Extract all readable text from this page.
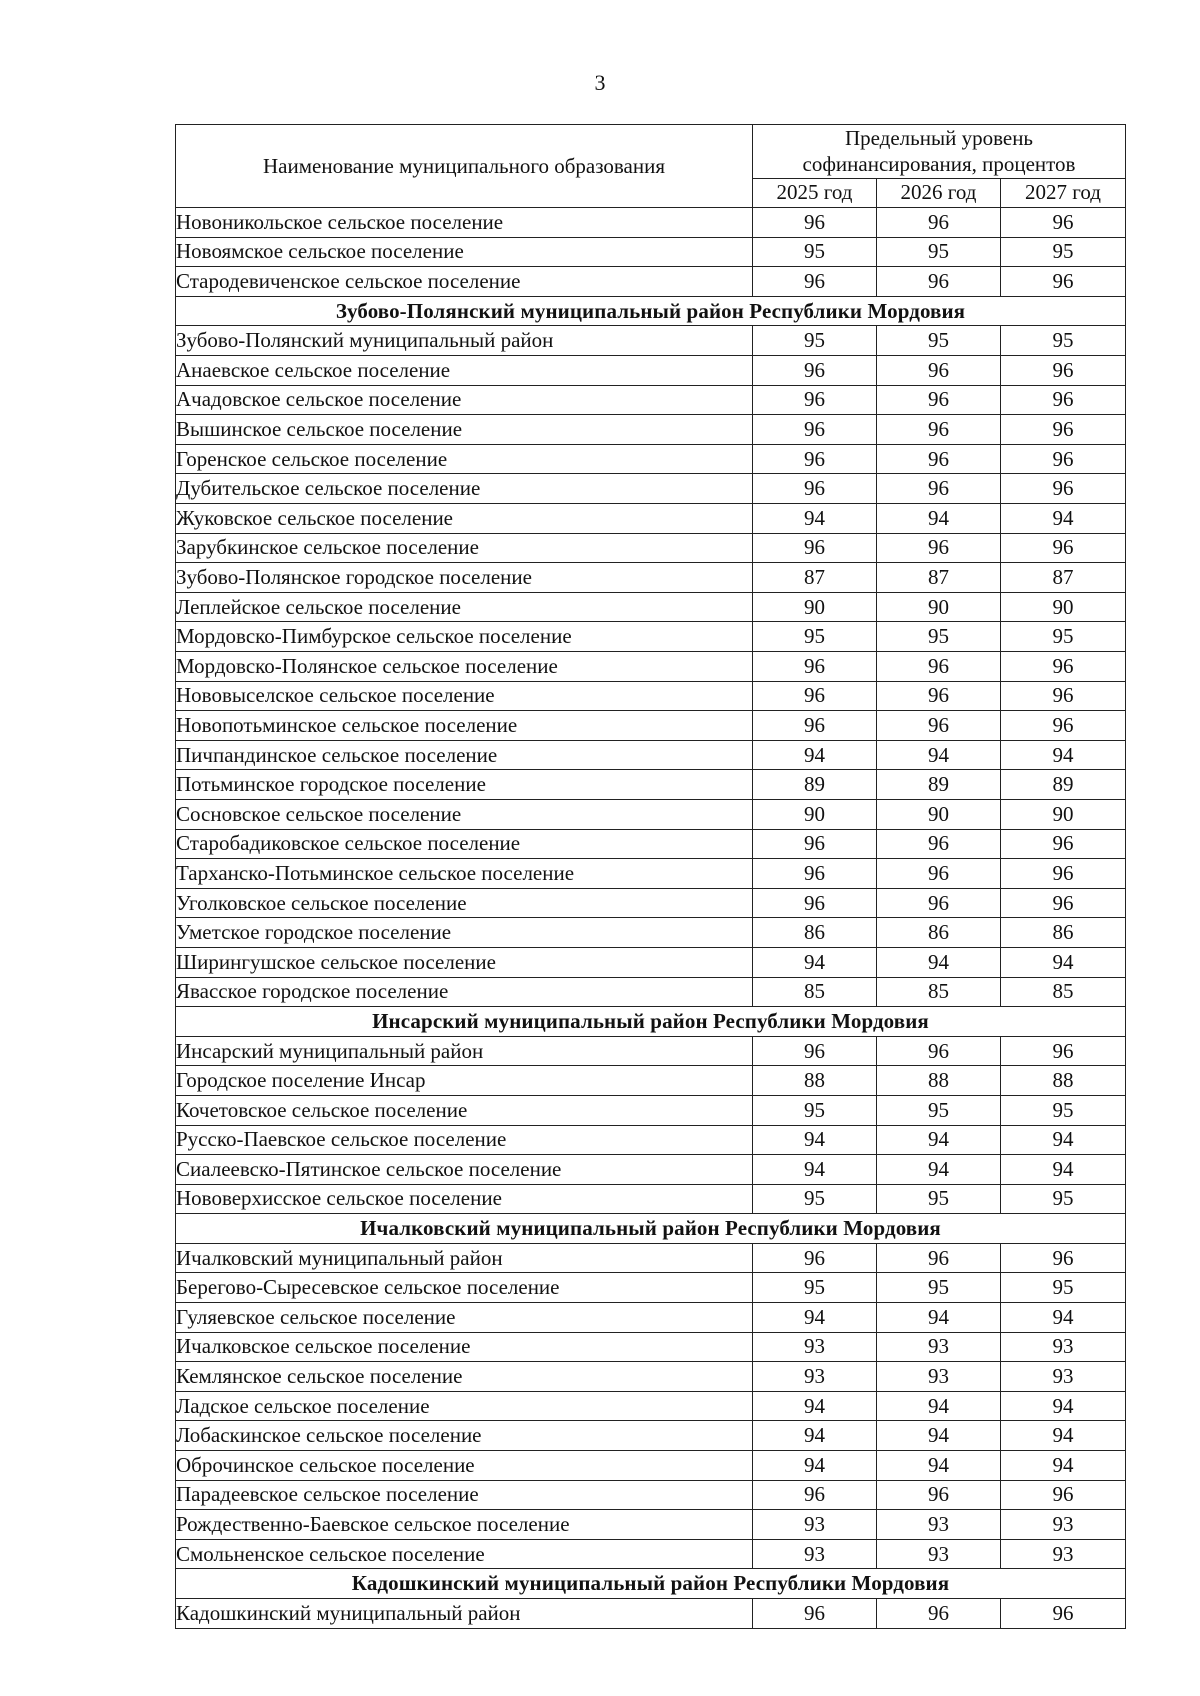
3
Наименование муниципального образования	Предельный уровень
софинансирования, процентов		

	2025 год	2026 год	2027 год
Новоникольское сельское поселение	96	96	96
Новоямское сельское поселение	95	95	95
Стародевиченское сельское поселение	96	96	96
Зубово-Полянский муниципальный район Республики Мордовия			
Зубово-Полянский муниципальный район	95	95	95
Анаевское сельское поселение	96	96	96
Ачадовское сельское поселение	96	96	96
Вышинское сельское поселение	96	96	96
Горенское сельское поселение	96	96	96
Дубительское сельское поселение	96	96	96
Жуковское сельское поселение	94	94	94
Зарубкинское сельское поселение	96	96	96
Зубово-Полянское городское поселение	87	87	87
Леплейское сельское поселение	90	90	90
Мордовско-Пимбурское сельское поселение	95	95	95
Мордовско-Полянское сельское поселение	96	96	96
Нововыселское сельское поселение	96	96	96
Новопотьминское сельское поселение	96	96	96
Пичпандинское сельское поселение	94	94	94
Потьминское городское поселение	89	89	89
Сосновское сельское поселение	90	90	90
Старобадиковское сельское поселение	96	96	96
Тарханско-Потьминское сельское поселение	96	96	96
Уголковское сельское поселение	96	96	96
Уметское городское поселение	86	86	86
Ширингушское сельское поселение	94	94	94
Явасское городское поселение	85	85	85
Инсарский муниципальный район Республики Мордовия			
Инсарский муниципальный район	96	96	96
Городское поселение Инсар	88	88	88
Кочетовское сельское поселение	95	95	95
Русско-Паевское сельское поселение	94	94	94
Сиалеевско-Пятинское сельское поселение	94	94	94
Нововерхисское сельское поселение	95	95	95
Ичалковский муниципальный район Республики Мордовия			
Ичалковский муниципальный район	96	96	96
Берегово-Сыресевское сельское поселение	95	95	95
Гуляевское сельское поселение	94	94	94
Ичалковское сельское поселение	93	93	93
Кемлянское сельское поселение	93	93	93
Ладское сельское поселение	94	94	94
Лобаскинское сельское поселение	94	94	94
Оброчинское сельское поселение	94	94	94
Парадеевское сельское поселение	96	96	96
Рождественно-Баевское сельское поселение	93	93	93
Смольненское сельское поселение	93	93	93
Кадошкинский муниципальный район Республики Мордовия			
Кадошкинский муниципальный район	96	96	96
